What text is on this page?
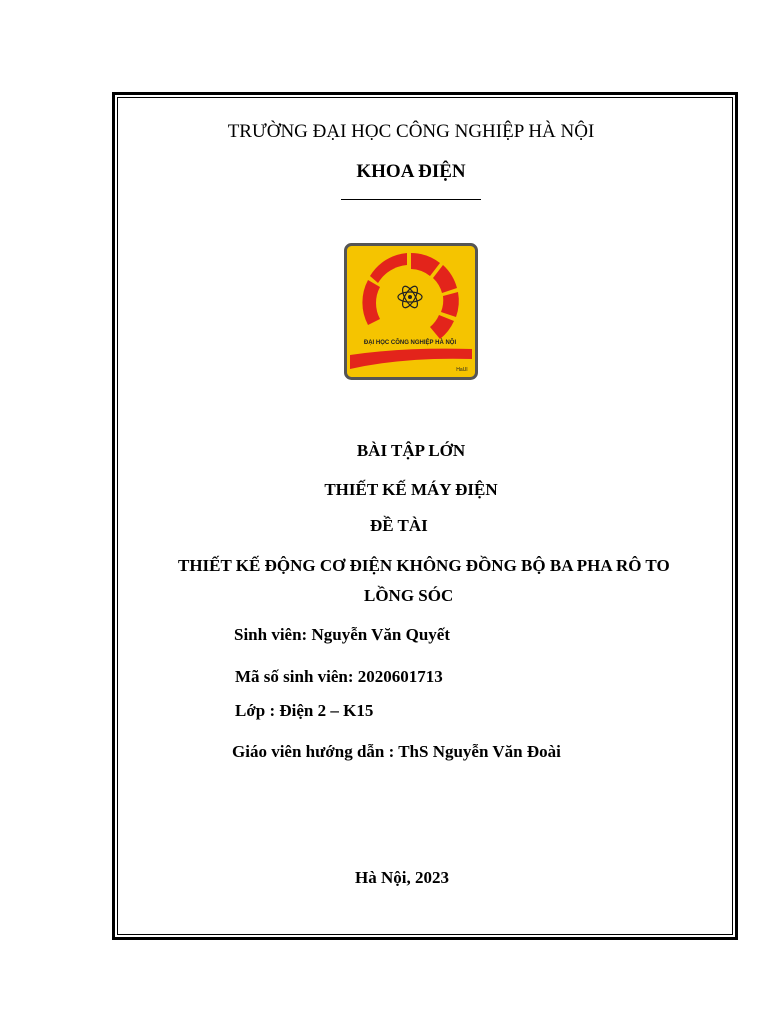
TRƯỜNG ĐẠI HỌC CÔNG NGHIỆP HÀ NỘI
KHOA ĐIỆN
ĐẠI HỌC CÔNG NGHIỆP HÀ NỘI
HaUI
BÀI TẬP LỚN
THIẾT KẾ MÁY ĐIỆN
ĐỀ TÀI
THIẾT KẾ ĐỘNG CƠ ĐIỆN KHÔNG ĐỒNG BỘ BA PHA RÔ TO
LỒNG SÓC
Sinh viên: Nguyễn Văn Quyết
Mã số sinh viên: 2020601713
Lớp : Điện 2 – K15
Giáo viên hướng dẫn : ThS Nguyễn Văn Đoài
Hà Nội, 2023
